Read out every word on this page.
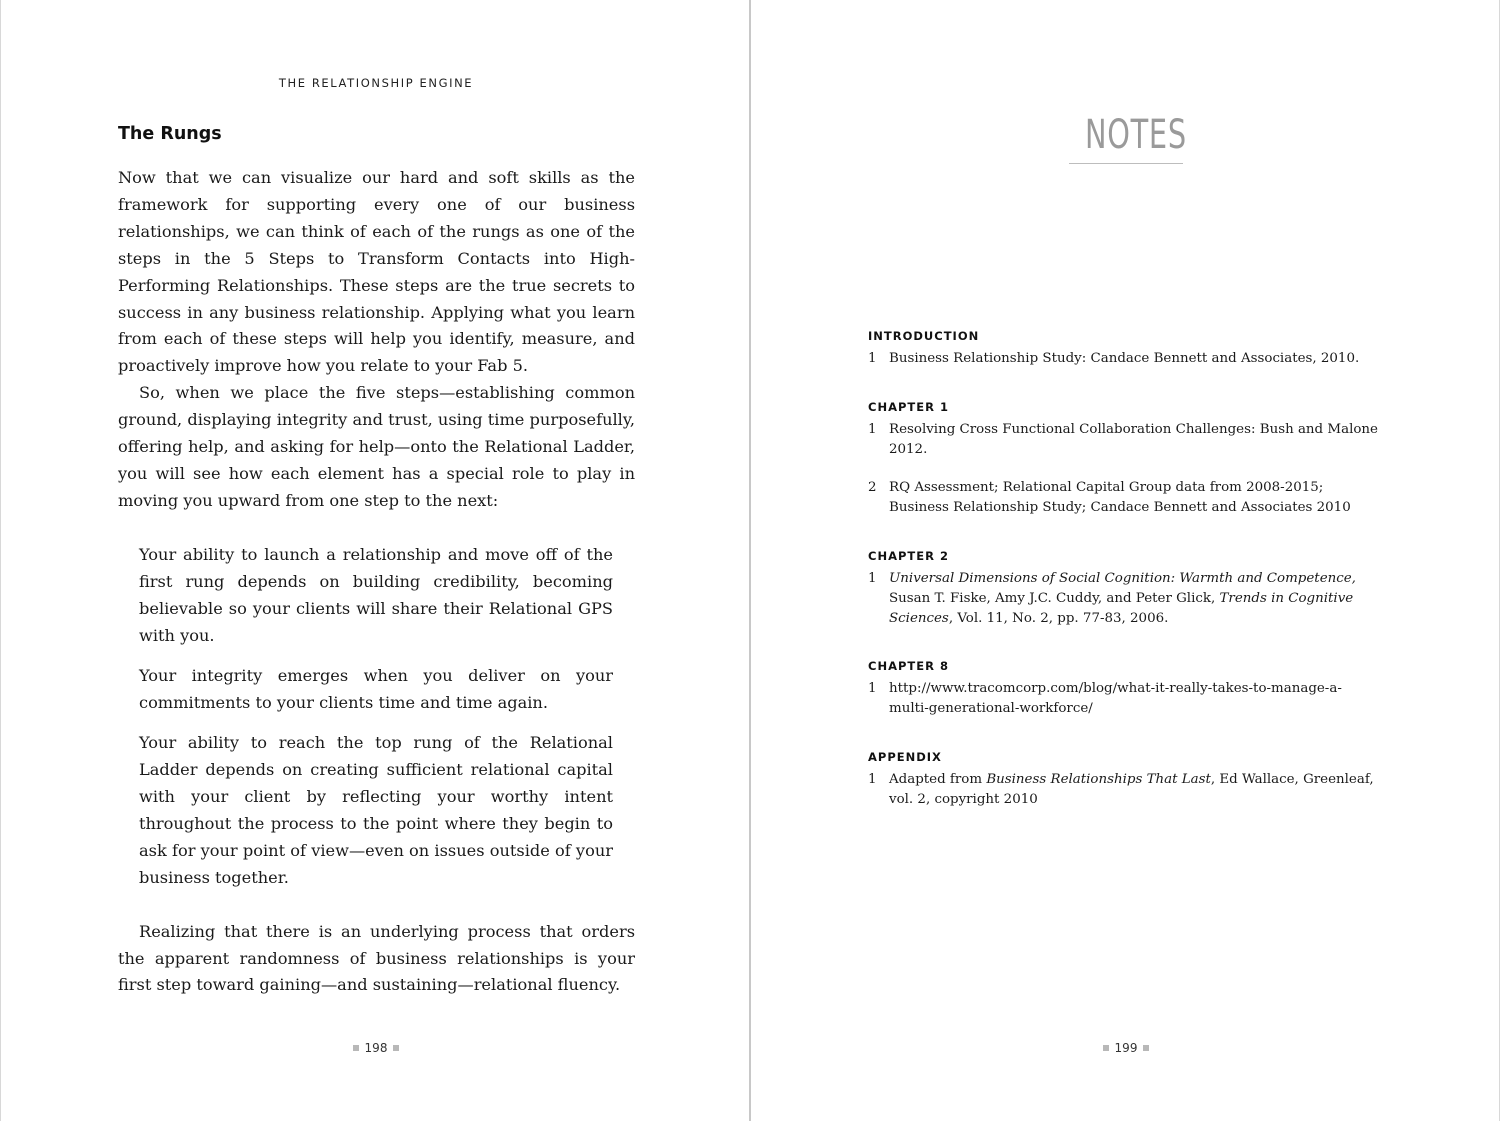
THE RELATIONSHIP ENGINE
The Rungs

Now that we can visualize our hard and soft skills as the framework for supporting every one of our business relationships, we can think of each of the rungs as one of the steps in the 5 Steps to Transform Contacts into High-Performing Relationships. These steps are the true secrets to success in any business relationship. Applying what you learn from each of these steps will help you identify, measure, and proactively improve how you relate to your Fab 5.

So, when we place the five steps—establishing common ground, displaying integrity and trust, using time purposefully, offering help, and asking for help—onto the Relational Ladder, you will see how each element has a special role to play in moving you upward from one step to the next:

Your ability to launch a relationship and move off of the first rung depends on building credibility, becoming believable so your clients will share their Relational GPS with you.

Your integrity emerges when you deliver on your commitments to your clients time and time again.

Your ability to reach the top rung of the Relational Ladder depends on creating sufficient relational capital with your client by reflecting your worthy intent throughout the process to the point where they begin to ask for your point of view—even on issues outside of your business together.

Realizing that there is an underlying process that orders the apparent randomness of business relationships is your first step toward gaining—and sustaining—relational fluency.

198
NOTES
INTRODUCTION
1 Business Relationship Study: Candace Bennett and Associates, 2010.
CHAPTER 1
1 Resolving Cross Functional Collaboration Challenges: Bush and Malone 2012.
2 RQ Assessment; Relational Capital Group data from 2008-2015; Business Relationship Study; Candace Bennett and Associates 2010
CHAPTER 2
1 Universal Dimensions of Social Cognition: Warmth and Competence, Susan T. Fiske, Amy J.C. Cuddy, and Peter Glick, Trends in Cognitive Sciences, Vol. 11, No. 2, pp. 77-83, 2006.
CHAPTER 8
1 http://www.tracomcorp.com/blog/what-it-really-takes-to-manage-a-multi-generational-workforce/
APPENDIX
1 Adapted from Business Relationships That Last, Ed Wallace, Greenleaf, vol. 2, copyright 2010
199
